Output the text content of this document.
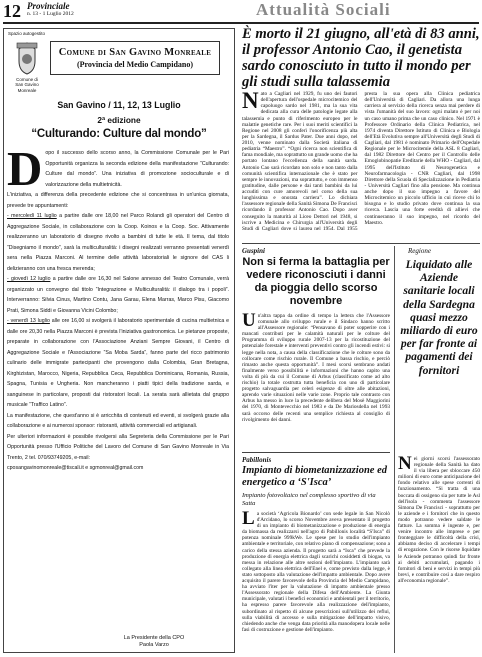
12 Provinciale
n. 13 - 1 Luglio 2012	Attualità Sociali
Spazio autogestito
Comune di
San Gavino Monreale
Comune di San Gavino Monreale
(Provincia del Medio Campidano)
San Gavino / 11, 12, 13 Luglio
2ª edizione
“Culturando: Culture dal mondo”
D opo il successo dello scorso anno, la Commissione Comunale per le Pari Opportunità organizza la seconda edizione della manifestazione “Culturando: Culture dal mondo”. Una iniziativa di promozione socioculturale e di valorizzazione della multietnicità.

L'iniziativa, a differenza della precedente edizione che si concentrava in un'unica giornata, prevede tre appuntamenti:

- mercoledì 11 luglio a partire dalle ore 18,00 nel Parco Rolandi gli operatori del Centro di Aggregazione Sociale, in collaborazione con la Coop. Koinos e la Coop. Soc. Attivamente realizzeranno un laboratorio di disegno rivolto a bambini di tutte le età. Il tema, dal titolo “Disegniamo il mondo”, sarà la multiculturalità: i disegni realizzati verranno presentati venerdì sera nella Piazza Marconi. Al termine delle attività laboratoriali le signore del CAS li delizieranno con una fresca merenda;

- giovedì 12 luglio a partire dalle ore 16,30 nel Salone annesso del Teatro Comunale, verrà organizzato un convegno dal titolo “Integrazione e Multiculturalità: il dialogo tra i popoli”. Interverranno: Silvia Cinus, Martino Contu, Jana Garau, Elena Marras, Marco Pisu, Giacomo Prati, Simona Siddi e Giovanna Vicini Colombo;

- venerdì 13 luglio alle ore 16,00 si svolgerà il laboratorio sperimentale di cucina multietnica e dalle ore 20,30 nella Piazza Marconi è prevista l'iniziativa gastronomica. Le pietanze proposte, preparate in collaborazione con l'Associazione Anziani Sempre Giovani, il Centro di Aggregazione Sociale e l'Associazione “Sa Moba Sarda”, fanno parte del ricco patrimonio culinario delle immigrate partecipanti che provengono dalla Colombia, Gran Bretagna, Kirghizistan, Marocco, Nigeria, Repubblica Ceca, Repubblica Dominicana, Romania, Russia, Spagna, Tunisia e Ungheria. Non mancheranno i piatti tipici della tradizione sarda, e sanguinese in particolare, proposti dai ristoratori locali. La serata sarà allietata dal gruppo musicale “Traffico Latino”.

La manifestazione, che quest'anno si è arricchita di contenuti ed eventi, si svolgerà grazie alla collaborazione e ai numerosi sponsor: ristoranti, attività commerciali ed artigianali.

Per ulteriori informazioni è possibile rivolgersi alla Segreteria della Commissione per le Pari Opportunità presso l'Ufficio Politiche del Lavoro del Comune di San Gavino Monreale in Via Trento, 2 tel. 070/93749205, e-mail:

cposangavinomonreale@tiscali.it e sgmonreal@gmail.com

La Presidente della CPO
Paola Varzo
È morto il 21 giugno, all'età di 83 anni, il professor Antonio Cao, il genetista sardo conosciuto in tutto il mondo per gli studi sulla talassemia
Nato a Cagliari nel 1929, fu uno dei fautori dell'apertura dell'ospedale microcitemico del capoluogo sardo nel 1981, ma la sua vita dedicata alla cura delle patologie legate alla talassemia e punto di riferimento europeo per le malattie genetiche rare. Per i suoi meriti scientifici la Regione nel 2008 gli conferì l'onorificenza più alta per la Sardegna, il Sardus Pater. Due anni dopo, nel 2010, venne nominato dalla Società italiana di pediatria “Maestro”. “Ogni ricerca non scientifica di fama mondiale, ma soprattutto un grande uomo che ha portato lontano l'eccellenza della sanità sarda. Antonio Cao sarà ricordato non solo e non tanto dalla comunità scientifica internazionale che è stato per sempre le innovazioni, ma soprattutto, e con immenso gratitudine, dalle persone e dai tanti bambini da lui accuditi con cure amorevoli nel corso della sua lunghissima e onorata carriera”. Lo dichiara l'assessore regionale della Sanità Simona De Francisci ricordando il professor Antonio Cao. Dopo aver conseguito la maturità al Liceo Dettori nel 1948, si iscrive a Medicina e Chirurgia all'Università degli Studi di Cagliari dove si laurea nel 1954. Dal 1955 presta la sua opera alla Clinica pediatrica dell'Università di Cagliari. Da allora una lunga carriera al servizio della ricerca senza mai perdere di vista l'umanità del suo lavoro: ogni malato è per noi un caso umano prima che un caso clinico. Nel 1971 è Professore Ordinario della Clinica Pediatrica, nel 1974 diventa Direttore Istituto di Clinica e Biologia dell'Età Evolutiva sempre all'Università degli Studi di Cagliari, dal 1981 è nominato Primario dell'Ospedale Regionale per le Microcitemie della ASL 8 Cagliari, dal 1982 Direttore del Centro per il Controllo delle Emoglobinopatie Ereditarie della WHO - Cagliari, dal 1995 dell'Istituto di Neurogenetica e Neurofarmacologia - CNR Cagliari, dal 1998 Direttore della Scuola di Specializzazione in Pediatria - Università Cagliari fino alla pensione. Ma continua anche dopo il suo impegno a favore del Microcitemico un piccolo ufficio in cui riceve chi lo bisogna e lo studio privato dove continua la sua ricerca. Lascia una forte eredità di allievi che continueranno il suo impegno, nel ricordo del Maestro.
Guspini
Non si ferma la battaglia per vedere riconosciuti i danni da pioggia dello scorso novembre
Un'altra tappa da ordine di tempo la lettera che l'Assessore comunale allo sviluppo rurale e il Sindaco hanno scritto all'Assessore regionale: “Pensavano di poter sopperire con i mancati contributi per le calamità naturali per le colture del Programma di sviluppo rurale 2007-13 per la ricostituzione del potenziale forestale e interventi preventivi contro gli incendi estivi: si legge nella nota, a causa della classificazione che le colture sono da collocare come rischio rurale. Il Comune a bassa rischio, e perciò rimasto anche questa opportunità”. I mesi scorsi sembrano andati finalmente verso possibilità e informazioni che hanno capito una volta di più da cui il Comune di Arbus (classificato come ad alto rischio) la totale costrutta tutta beneficia con uno di particolare progetto salvaguardia per celeri esigenze di oltre alle abitazioni, aprendo varie situazioni nelle varie zone. Proprio tale contrasto con Arbus ha messo in luce la precedente delibera del Mosè Maggiorini del 1970, di Montevecchio nel 1983 e da De Mariosdella nel 1993 sarà occorso delle recenti una semplice richiesta al consiglio di rivolgimento dei danni.
Pabillonis
Impianto di biometanizzazione ed energetico a ‘S'Isca’
Impianto fotovoltaico nel complesso sportivo di via Satta
La società ‘Agricola Bionardo’ con sede legale in San Nicolò d'Arcidano, lo scorso Novembre aveva presentato il progetto di un impianto di biometanizzazione e produzione di energia da biomassa da realizzarsi nell'agro di Pabillonis località “S'Isca” di potenza nominale 999kWe. Le spese per lo studio dell'impianto ambientale e territoriale, con relativo piano di compensazione; sono a carico della stessa azienda. Il progetto sarà a “Isca” che prevede la produzione di energia elettrica dagli scarichi cosiddetti di biogas, va messa in relazione alle altre sezioni dell'impianto. L'impianto sarà collegato alla linea elettrica dell'Enel e, come previsto dalla legge, è stato sottoposto alla valutazione dell'impatto ambientale. Dopo avere acquisito il parere favorevole della Provincia del Medio Campidano, ha avviato l'iter per la valutazione di impatto ambientale presso l'Assessorato regionale della Difesa dell'Ambiente. La Giunta municipale, valutati i benefici economici e ambientali per il territorio, ha espresso parere favorevole alla realizzazione dell'impianto, subordinato al rispetto di alcune prescrizioni sull'utilizzo dei reflui, sulla viabilità di accesso e sulla mitigazione dell'impatto visivo, chiedendo anche che venga data priorità alla manodopera locale nelle fasi di costruzione e gestione dell'impianto.
Regione
Liquidato alle Aziende sanitarie locali della Sardegna quasi mezzo miliardo di euro per far fronte ai pagamenti dei fornitori
Nei giorni scorsi l'assessorato regionale della Sanità ha dato il via libera per sbloccare 450 milioni di euro come anticipazione del fondo relativo alle spese correnti di funzionamento. “Si tratta di una boccata di ossigeno sia per tutte le Asl dell'isola - commenta l'assessore Simona De Francisci - soprattutto per le aziende e i fornitori che in questo modo potranno vedere saldate le fatture. La somma è ingente e, per venire incontro alle imprese e per fronteggiare le difficoltà della crisi, abbiamo deciso di accelerare i tempi di erogazione. Con le risorse liquidate le Aziende potranno quindi far fronte ai debiti accumulati, pagando i fornitori di beni e servizi in tempi più brevi, e contribuire così a dare respiro all'economia regionale”.
